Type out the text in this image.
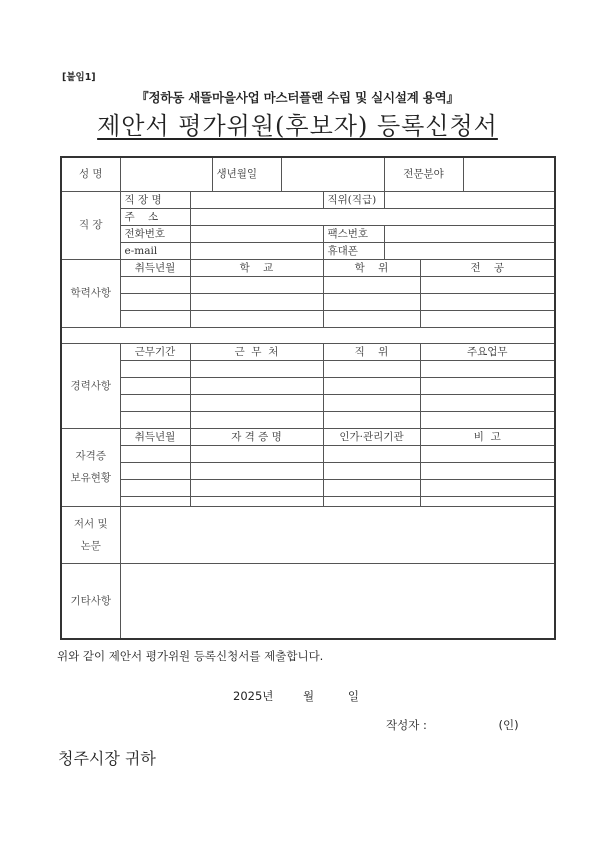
[붙임1]
『정하동 새뜰마을사업 마스터플랜 수립 및 실시설계 용역』
제안서 평가위원(후보자) 등록신청서
성 명			생년월일			전문분야		
직 장	직 장 명				직위(직급)			
	주    소							
	전화번호				팩스번호			
	e-mail				휴대폰			
학력사항	취득년월	학    교			학    위		전    공	

경력사항	근무기간	근  무  처			직    위		주요업무	

자격증
보유현황	취득년월	자 격 증 명			인가·관리기관		비  고	

저서 및
논문								

기타사항								
위와 같이 제안서 평가위원 등록신청서를 제출합니다.
2025년	월	일
작성자 :	(인)
청주시장 귀하
